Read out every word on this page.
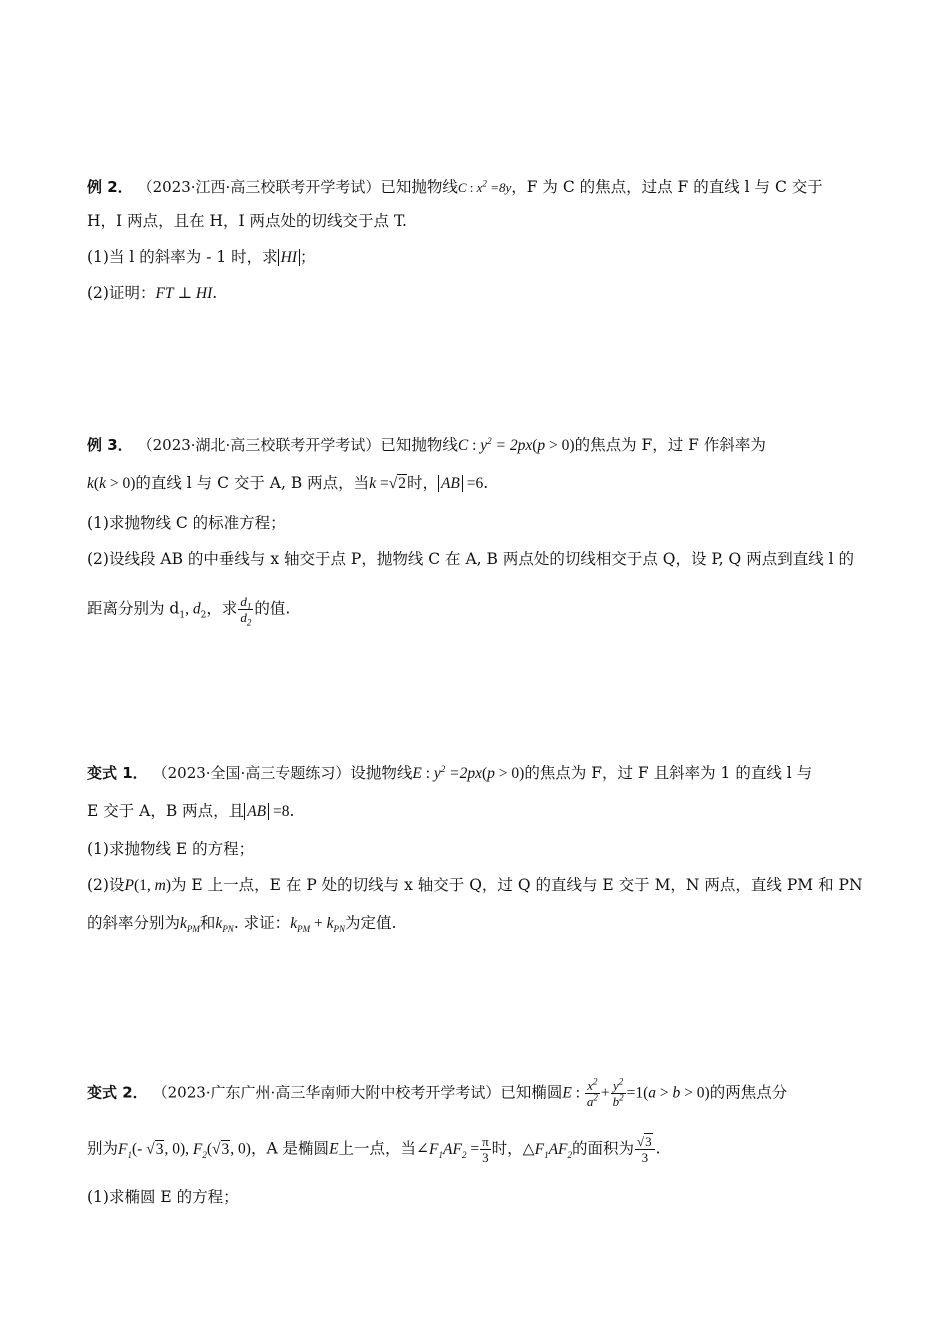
例 2． （2023·江西·高三校联考开学考试）已知抛物线C : $x^2 =8y$，F 为 C 的焦点，过点 F 的直线 l 与 C 交于
H，I 两点，且在 H，I 两点处的切线交于点 T.
(1)当 l 的斜率为 - 1 时，求 HI ；
(2)证明：FT ⊥ HI.
例 3． （2023·湖北·高三校联考开学考试）已知抛物线C : $y^2 = 2px(p > 0)$的焦点为 F，过 F 作斜率为
k(k > 0)的直线 l 与 C 交于 A, B 两点，当k =√2时， AB =6.
(1)求抛物线 C 的标准方程；
(2)设线段 AB 的中垂线与 x 轴交于点 P，抛物线 C 在 A, B 两点处的切线相交于点 Q，设 P, Q 两点到直线 l 的
距离分别为 $d_1$, $d_2$，求 $\frac{d_1}{d_2}$ 的值.
变式 1． （2023·全国·高三专题练习）设抛物线E : $y^2 =2px(p > 0)$的焦点为 F，过 F 且斜率为 1 的直线 l 与
E 交于 A，B 两点，且 AB =8.
(1)求抛物线 E 的方程；
(2)设P(1, m)为 E 上一点，E 在 P 处的切线与 x 轴交于 Q，过 Q 的直线与 E 交于 M，N 两点，直线 PM 和 PN
的斜率分别为$k_{PM}$和$k_{PN}$. 求证：$k_{PM} + k_{PN}$为定值.
变式 2． （2023·广东广州·高三华南师大附中校考开学考试）已知椭圆E : $\frac{x^2}{a^2} + \frac{y^2}{b^2} =1(a > b > 0)$的两焦点分
别为$F_1(-$ √3, 0), $F_2(√3$, 0)，A 是椭圆E上一点，当$\angle F_1AF_2 = \frac{\pi}{3}$ 时，$\triangle F_1AF_2$的面积为 $\frac{√3}{3}$ .
(1)求椭圆 E 的方程；
